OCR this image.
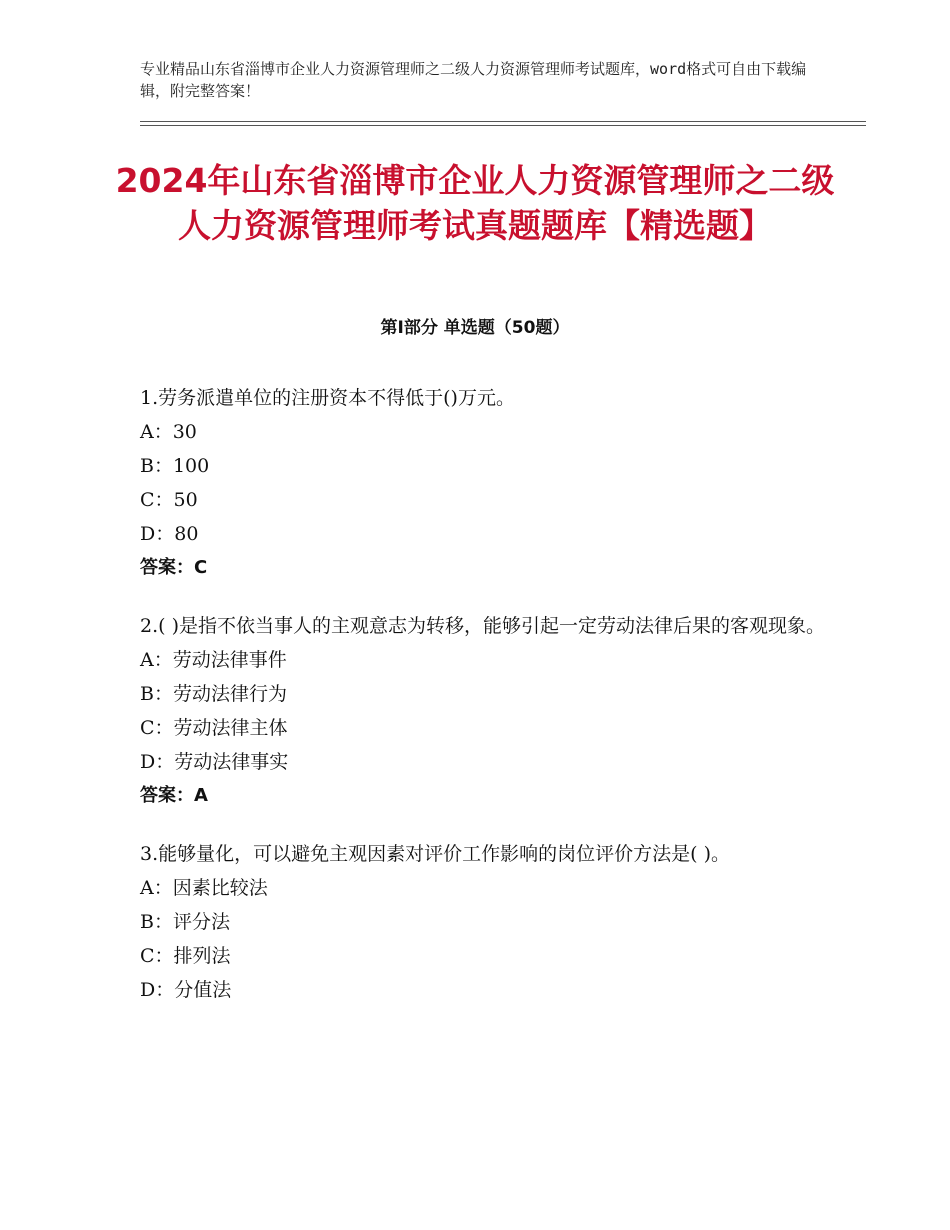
专业精品山东省淄博市企业人力资源管理师之二级人力资源管理师考试题库，word格式可自由下载编辑，附完整答案！
2024年山东省淄博市企业人力资源管理师之二级人力资源管理师考试真题题库【精选题】
第Ⅰ部分 单选题（50题）
1.劳务派遣单位的注册资本不得低于()万元。
A：30
B：100
C：50
D：80
答案：C
2.( )是指不依当事人的主观意志为转移，能够引起一定劳动法律后果的客观现象。
A：劳动法律事件
B：劳动法律行为
C：劳动法律主体
D：劳动法律事实
答案：A
3.能够量化，可以避免主观因素对评价工作影响的岗位评价方法是( )。
A：因素比较法
B：评分法
C：排列法
D：分值法
